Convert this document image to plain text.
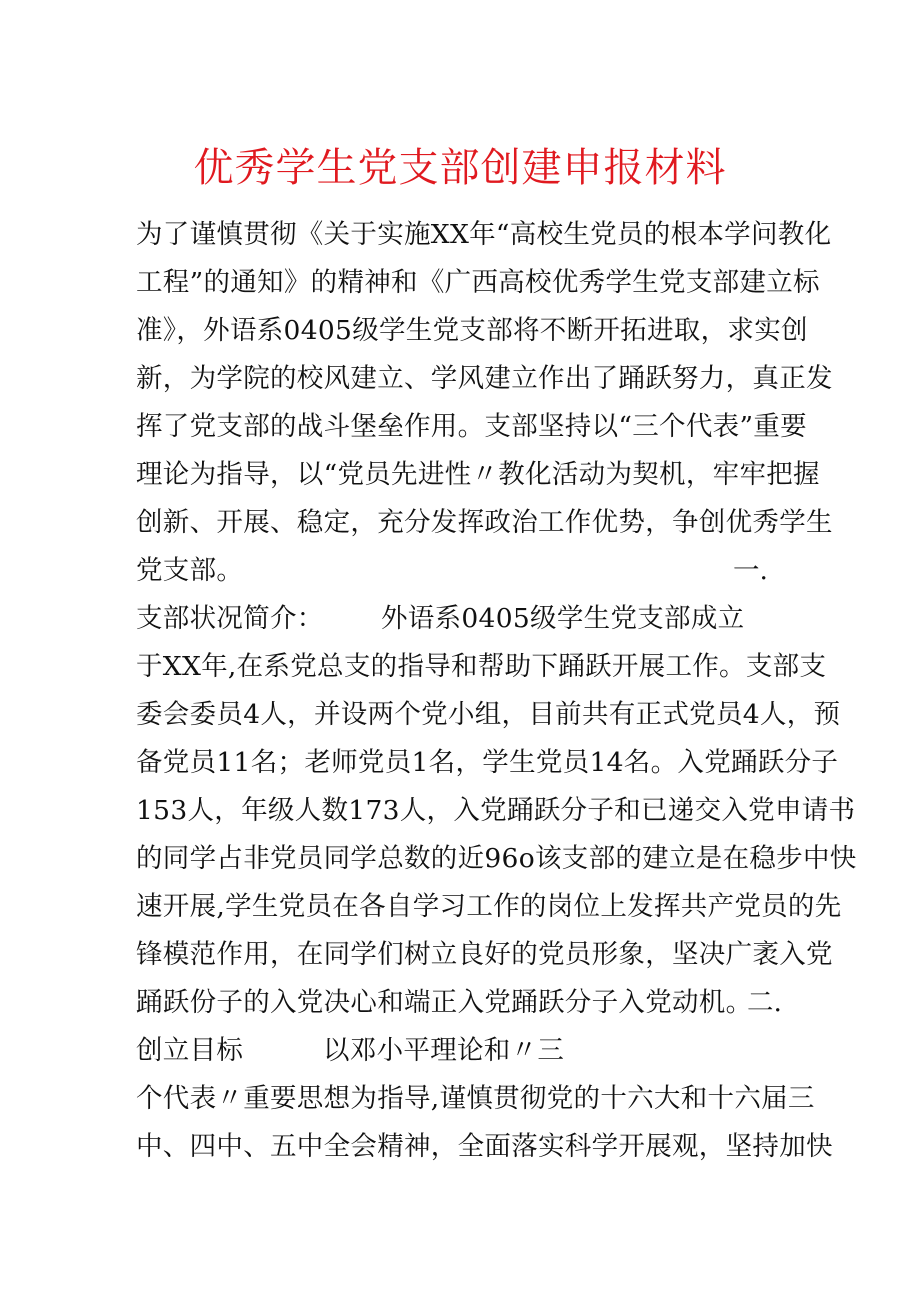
优秀学生党支部创建申报材料
为了谨慎贯彻《关于实施XX年“高校生党员的根本学问教化
工程”的通知》的精神和《广西高校优秀学生党支部建立标
准》，外语系0405级学生党支部将不断开拓进取，求实创
新，为学院的校风建立、学风建立作出了踊跃努力，真正发
挥了党支部的战斗堡垒作用。支部坚持以“三个代表”重要
理论为指导，以“党员先进性〃教化活动为契机，牢牢把握
创新、开展、稳定，充分发挥政治工作优势，争创优秀学生
党支部。	一.
支部状况简介： 外语系0405级学生党支部成立
于XX年,在系党总支的指导和帮助下踊跃开展工作。支部支
委会委员4人，并设两个党小组，目前共有正式党员4人，预
备党员11名；老师党员1名，学生党员14名。入党踊跃分子
153人，年级人数173人，入党踊跃分子和已递交入党申请书
的同学占非党员同学总数的近96o该支部的建立是在稳步中快
速开展,学生党员在各自学习工作的岗位上发挥共产党员的先
锋模范作用，在同学们树立良好的党员形象，坚决广袤入党
踊跃份子的入党决心和端正入党踊跃分子入党动机。
二.
创立目标	以邓小平理论和〃三
个代表〃重要思想为指导,谨慎贯彻党的十六大和十六届三
中、四中、五中全会精神，全面落实科学开展观，坚持加快
